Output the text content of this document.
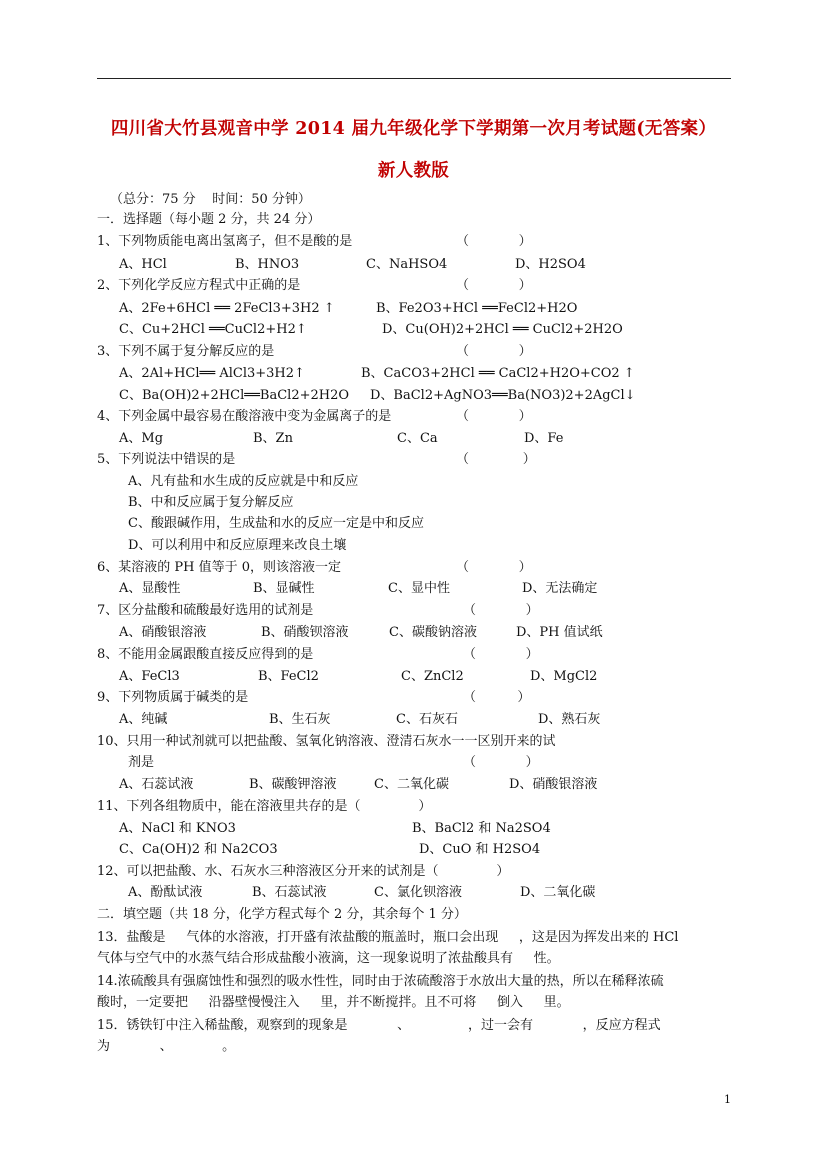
四川省大竹县观音中学 2014 届九年级化学下学期第一次月考试题(无答案）
新人教版
（总分：75 分    时间：50 分钟）
一．选择题（每小题 2 分，共 24 分）
1、下列物质能电离出氢离子，但不是酸的是	（            ）
A、HCl	B、HNO3	C、NaHSO4	D、H2SO4
2、下列化学反应方程式中正确的是	（            ）
A、2Fe+6HCl ══ 2FeCl3+3H2 ↑	B、Fe2O3+HCl ══FeCl2+H2O
C、Cu+2HCl ══CuCl2+H2↑	D、Cu(OH)2+2HCl ══ CuCl2+2H2O
3、下列不属于复分解反应的是	（            ）
A、2Al+HCl══ AlCl3+3H2↑	B、CaCO3+2HCl ══ CaCl2+H2O+CO2 ↑
C、Ba(OH)2+2HCl══BaCl2+2H2O D、BaCl2+AgNO3══Ba(NO3)2+2AgCl↓
4、下列金属中最容易在酸溶液中变为金属离子的是	（            ）
A、Mg	B、Zn	C、Ca	D、Fe
5、下列说法中错误的是	（             ）
A、凡有盐和水生成的反应就是中和反应
B、中和反应属于复分解反应
C、酸跟碱作用，生成盐和水的反应一定是中和反应
D、可以利用中和反应原理来改良土壤
6、某溶液的 PH 值等于 0，则该溶液一定	（            ）
A、显酸性	B、显碱性	C、显中性	D、无法确定
7、区分盐酸和硫酸最好选用的试剂是	（            ）
A、硝酸银溶液	B、硝酸钡溶液	C、碳酸钠溶液	D、PH 值试纸
8、不能用金属跟酸直接反应得到的是	（            ）
A、FeCl3	B、FeCl2	C、ZnCl2	D、MgCl2
9、下列物质属于碱类的是	（          ）
A、纯碱	B、生石灰	C、石灰石	D、熟石灰
10、只用一种试剂就可以把盐酸、氢氧化钠溶液、澄清石灰水一一区别开来的试
剂是	（            ）
A、石蕊试液	B、碳酸钾溶液	C、二氧化碳	D、硝酸银溶液
11、下列各组物质中，能在溶液里共存的是（              ）
A、NaCl 和 KNO3	B、BaCl2 和 Na2SO4
C、Ca(OH)2 和 Na2CO3	D、CuO 和 H2SO4
12、可以把盐酸、水、石灰水三种溶液区分开来的试剂是（              ）
A、酚酞试液	B、石蕊试液	C、氯化钡溶液	D、二氧化碳
二．填空题（共 18 分，化学方程式每个 2 分，其余每个 1 分）
13．盐酸是     气体的水溶液，打开盛有浓盐酸的瓶盖时，瓶口会出现     ，这是因为挥发出来的 HCl
气体与空气中的水蒸气结合形成盐酸小液滴，这一现象说明了浓盐酸具有     性。
14.浓硫酸具有强腐蚀性和强烈的吸水性性，同时由于浓硫酸溶于水放出大量的热，所以在稀释浓硫
酸时，一定要把     沿器壁慢慢注入     里，并不断搅拌。且不可将     倒入     里。
15．锈铁钉中注入稀盐酸，观察到的现象是            、              ，过一会有            ，反应方程式
为            、            。
1
